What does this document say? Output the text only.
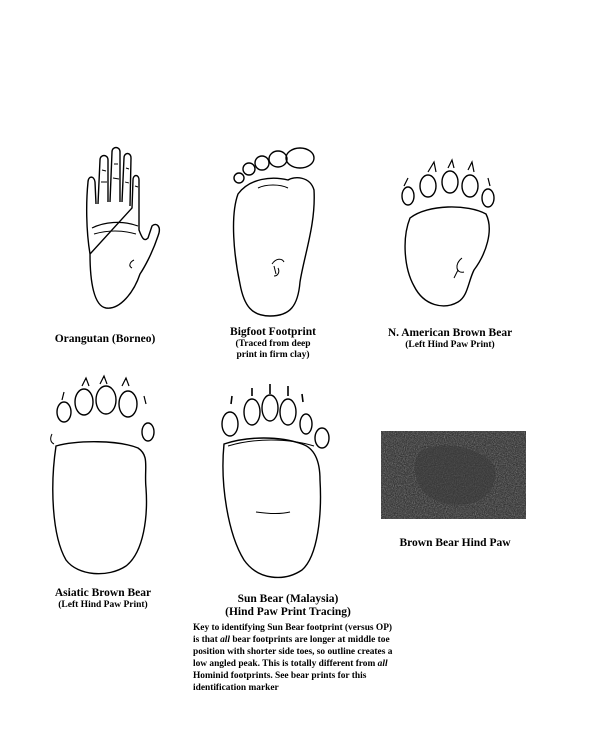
Orangutan (Borneo)
Bigfoot Footprint
(Traced from deep
print in firm clay)
N. American Brown Bear
(Left Hind Paw Print)
Asiatic Brown Bear
(Left Hind Paw Print)
Sun Bear (Malaysia)
(Hind Paw Print Tracing)
Key to identifying Sun Bear footprint (versus OP) is that all bear footprints are longer at middle toe position with shorter side toes, so outline creates a low angled peak. This is totally different from all Hominid footprints. See bear prints for this identification marker
Brown Bear Hind Paw
